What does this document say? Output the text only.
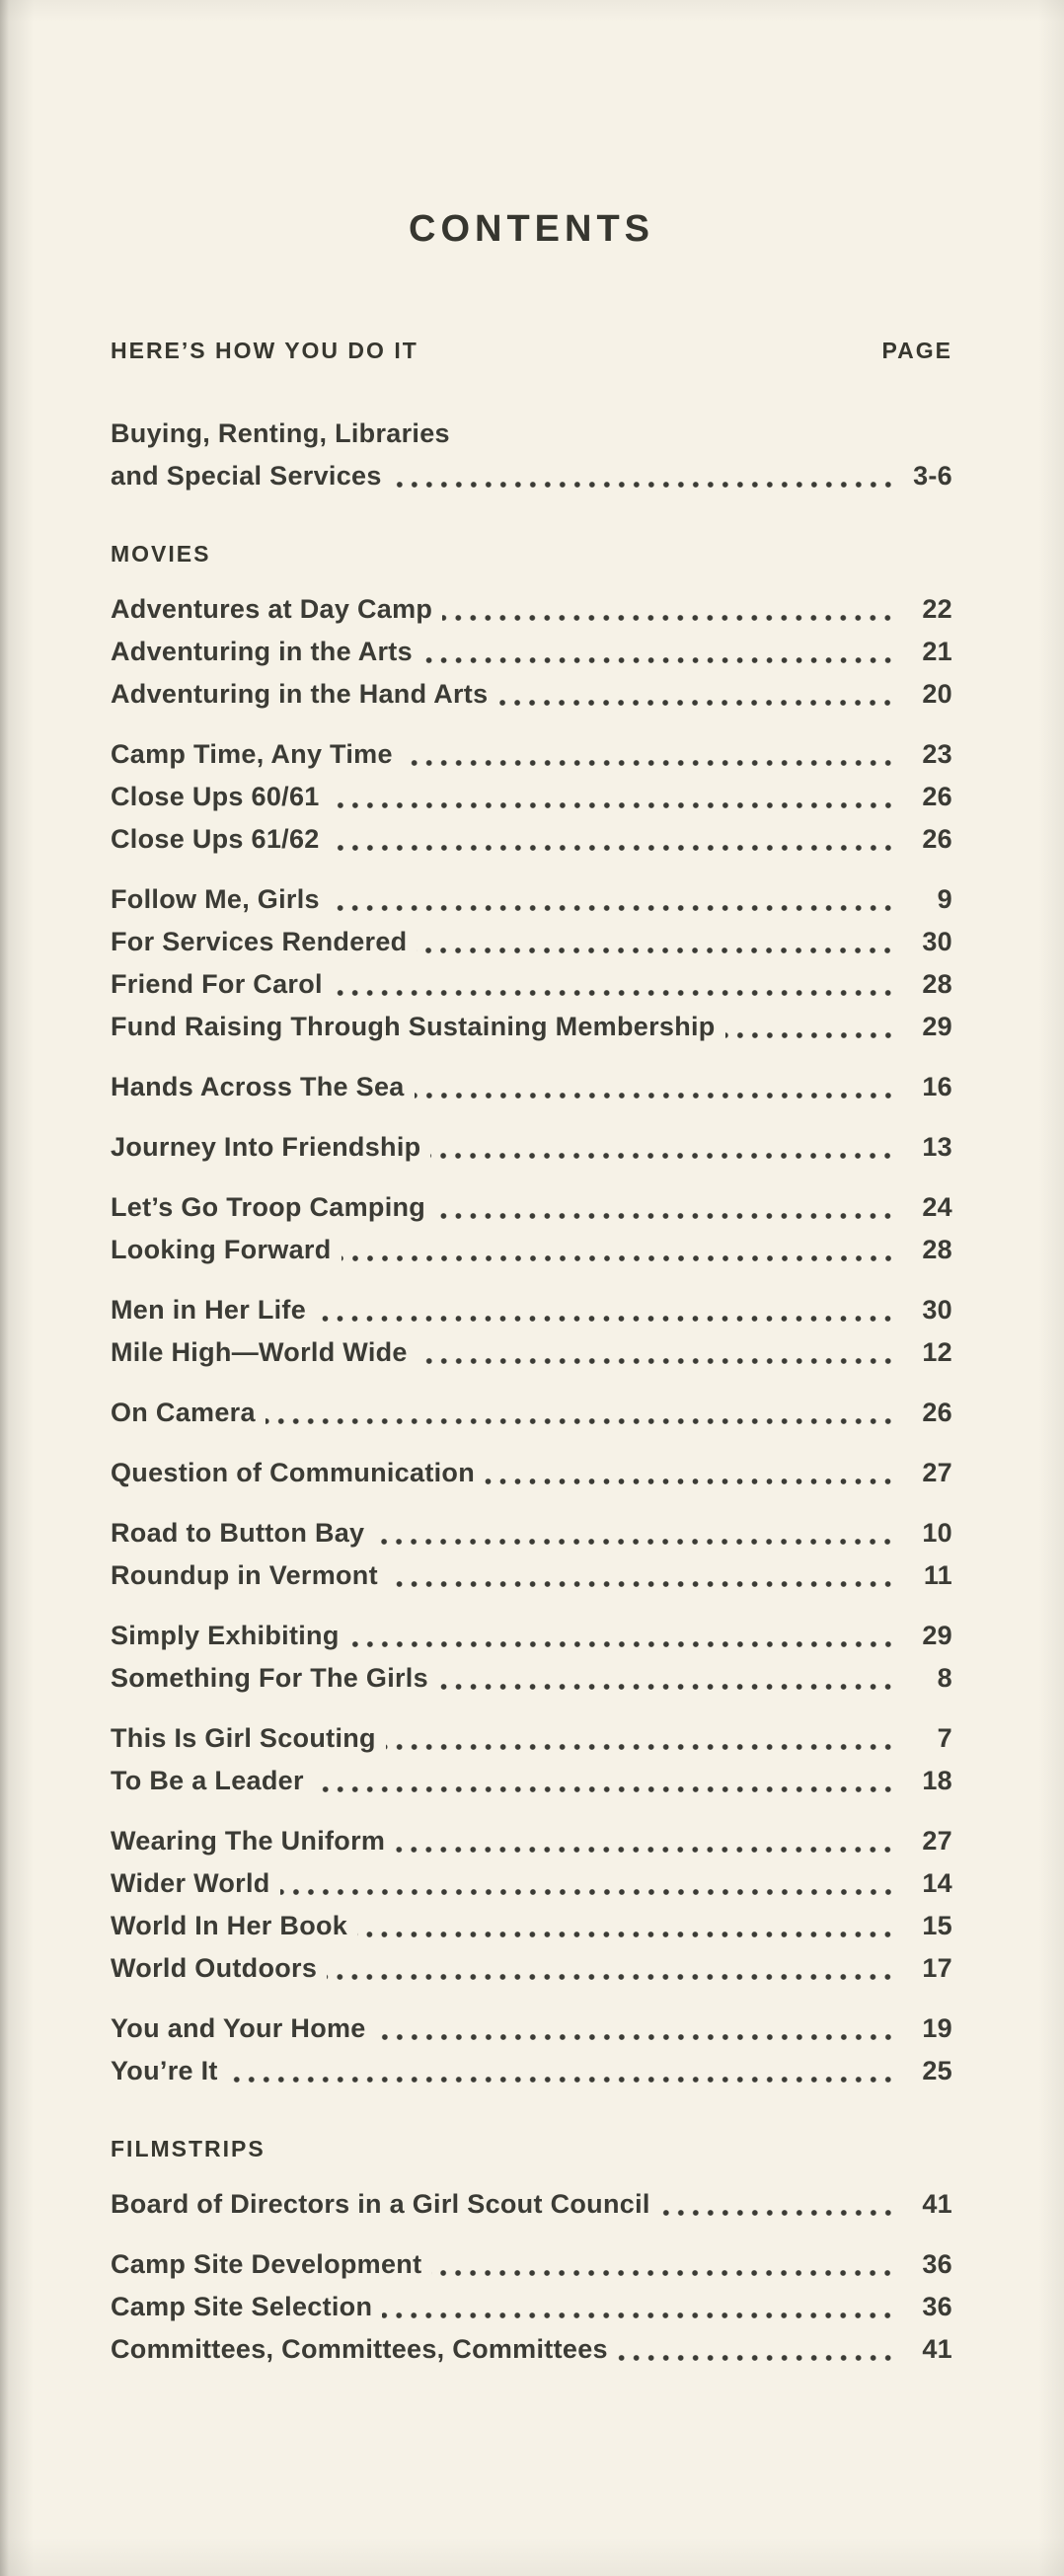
CONTENTS
HERE’S HOW YOU DO IT	PAGE
Buying, Renting, Libraries
and Special Services	3-6
MOVIES
Adventures at Day Camp	22
Adventuring in the Arts	21
Adventuring in the Hand Arts	20
Camp Time, Any Time	23
Close Ups 60/61	26
Close Ups 61/62	26
Follow Me, Girls	9
For Services Rendered	30
Friend For Carol	28
Fund Raising Through Sustaining Membership	29
Hands Across The Sea	16
Journey Into Friendship	13
Let’s Go Troop Camping	24
Looking Forward	28
Men in Her Life	30
Mile High—World Wide	12
On Camera	26
Question of Communication	27
Road to Button Bay	10
Roundup in Vermont	11
Simply Exhibiting	29
Something For The Girls	8
This Is Girl Scouting	7
To Be a Leader	18
Wearing The Uniform	27
Wider World	14
World In Her Book	15
World Outdoors	17
You and Your Home	19
You’re It	25
FILMSTRIPS
Board of Directors in a Girl Scout Council	41
Camp Site Development	36
Camp Site Selection	36
Committees, Committees, Committees	41
